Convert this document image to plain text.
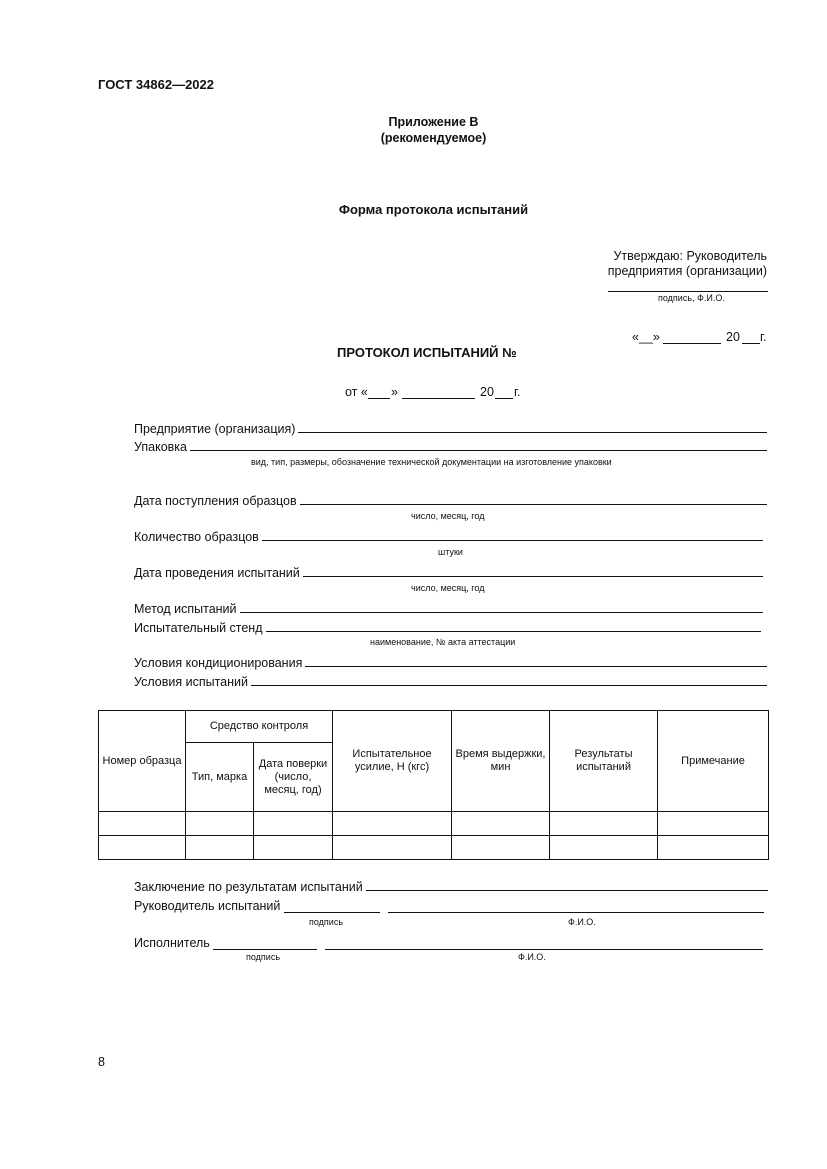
ГОСТ 34862—2022
Приложение В
(рекомендуемое)
Форма протокола испытаний
Утверждаю: Руководитель
предприятия (организации)
подпись, Ф.И.О.
«__»	20 г.
ПРОТОКОЛ ИСПЫТАНИЙ №
от « »	20 г.
Предприятие (организация)
Упаковка
вид, тип, размеры, обозначение технической документации на изготовление упаковки
Дата поступления образцов
число, месяц, год
Количество образцов
штуки
Дата проведения испытаний
число, месяц, год
Метод испытаний
Испытательный стенд
наименование, № акта аттестации
Условия кондиционирования
Условия испытаний
Номер образца	Средство контроля		Испытательное усилие, Н (кгс)	Время выдержки, мин	Результаты испытаний	Примечание
	Тип, марка	Дата поверки (число, месяц, год)				

Заключение по результатам испытаний
Руководитель испытаний
подпись	Ф.И.О.
Исполнитель
подпись	Ф.И.О.
8
